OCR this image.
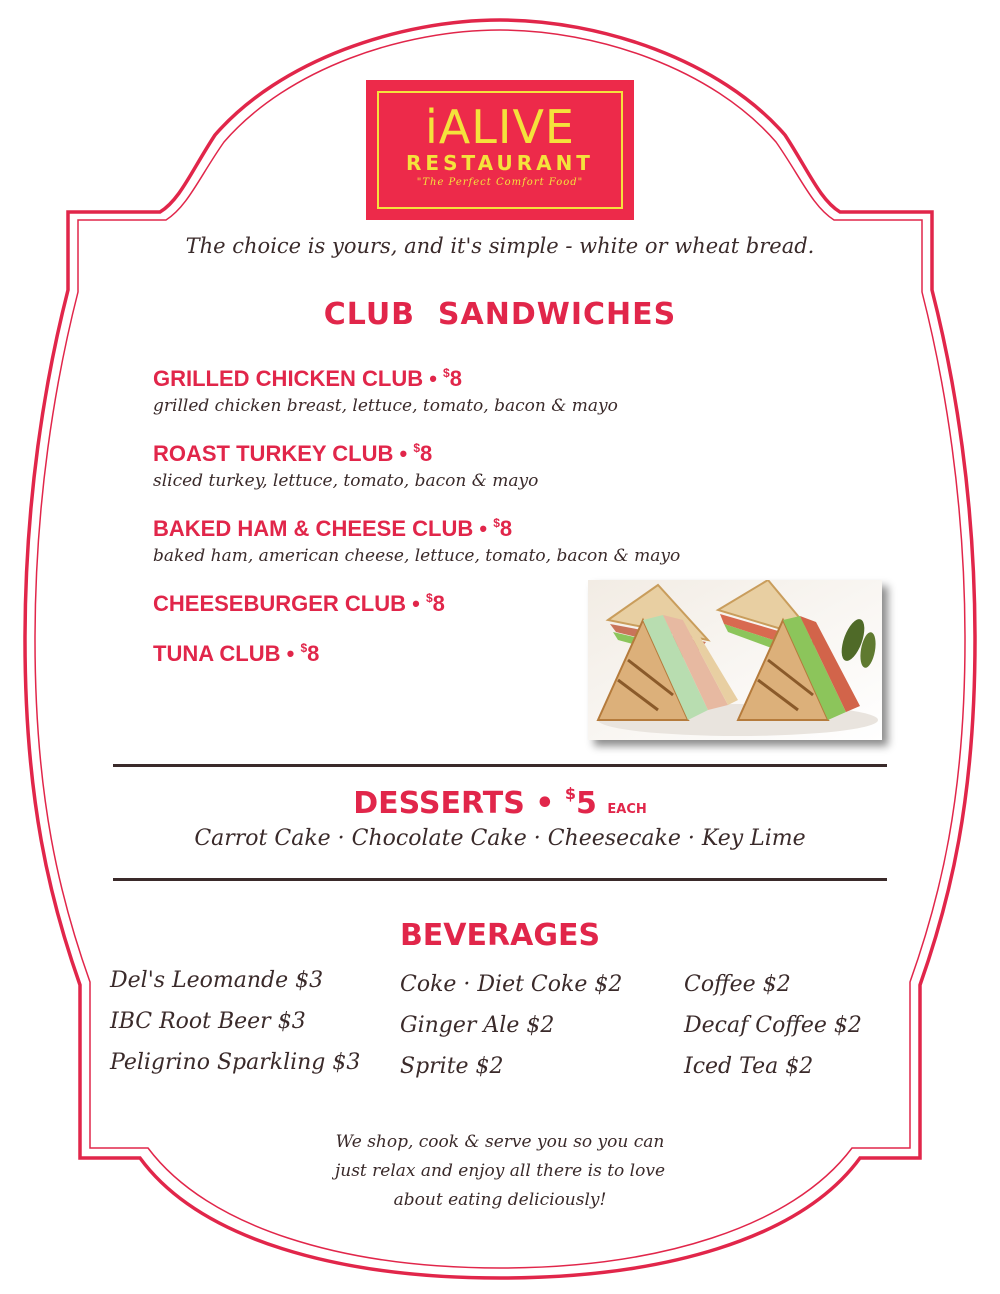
iALIVE
RESTAURANT
"The Perfect Comfort Food"
The choice is yours, and it's simple - white or wheat bread.
CLUB  SANDWICHES
GRILLED CHICKEN CLUB • $8
grilled chicken breast, lettuce, tomato, bacon & mayo
ROAST TURKEY CLUB • $8
sliced turkey, lettuce, tomato, bacon & mayo
BAKED HAM & CHEESE CLUB • $8
baked ham, american cheese, lettuce, tomato, bacon & mayo
CHEESEBURGER CLUB • $8
TUNA CLUB • $8
DESSERTS • $5 EACH
Carrot Cake · Chocolate Cake · Cheesecake · Key Lime
BEVERAGES
Del's Leomande $3
IBC Root Beer $3
Peligrino Sparkling $3
Coke · Diet Coke $2
Ginger Ale $2
Sprite $2
Coffee $2
Decaf Coffee $2
Iced Tea $2
We shop, cook & serve you so you can
just relax and enjoy all there is to love
about eating deliciously!
